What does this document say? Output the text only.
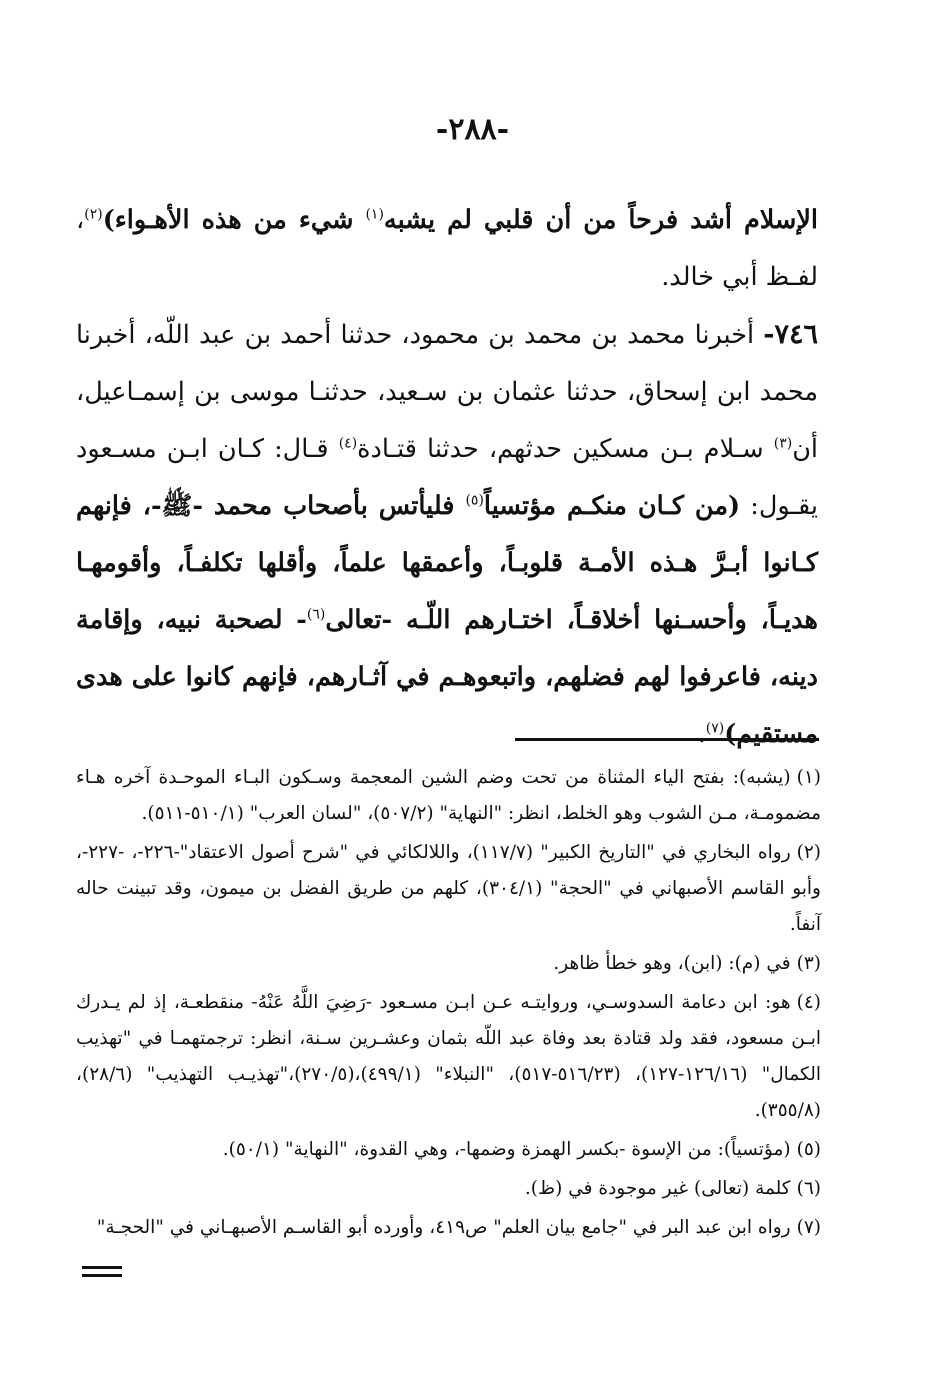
-٢٨٨-

الإسلام أشد فرحاً من أن قلبي لم يشبه$^{(١)}$ شيء من هذه الأهـواء)$^{(٢)}$، لفـظ أبي خالد.

٧٤٦- أخبرنا محمد بن محمد بن محمود، حدثنا أحمد بن عبد اللّه، أخبرنا محمد ابن إسحاق، حدثنا عثمان بن سـعيد، حدثنـا موسى بن إسمـاعيل، أن$^{(٣)}$ سـلام بـن مسكين حدثهم، حدثنا قتـادة$^{(٤)}$ قـال: كـان ابـن مسـعود يقـول: (من كـان منكـم مؤتسياً$^{(٥)}$ فليأتس بأصحاب محمد -ﷺ-، فإنهم كـانوا أبـرَّ هـذه الأمـة قلوبـاً، وأعمقها علماً، وأقلها تكلفـاً، وأقومهـا هديـاً، وأحسـنها أخلاقـاً، اختـارهم اللّـه -تعالى$^{(٦)}$- لصحبة نبيه، وإقامة دينه، فاعرفوا لهم فضلهم، واتبعوهـم في آثـارهم، فإنهم كانوا على هدى مستقيم)$^{(٧)}$.

(١)(يشبه): بفتح الياء المثناة من تحت وضم الشين المعجمة وسـكون البـاء الموحـدة آخره هـاء مضمومـة، مـن الشوب وهو الخلط، انظر: "النهاية" (٥٠٧/٢)، "لسان العرب" (٥١٠/١-٥١١).

(٢)رواه البخاري في "التاريخ الكبير" (١١٧/٧)، واللالكائي في "شرح أصول الاعتقاد"-٢٢٦-، -٢٢٧-، وأبو القاسم الأصبهاني في "الحجة" (٣٠٤/١)، كلهم من طريق الفضل بن ميمون، وقد تبينت حاله آنفاً.

(٣)في (م): (ابن)، وهو خطأ ظاهر.

(٤)هو: ابن دعامة السدوسـي، وروايتـه عـن ابـن مسـعود -رَضِيَ اللَّهُ عَنْهُ- منقطعـة، إذ لم يـدرك ابـن مسعود، فقد ولد قتادة بعد وفاة عبد اللّه بثمان وعشـرين سـنة، انظر: ترجمتهمـا في "تهذيب الكمال" (١٢٦/١٦-١٢٧)، (٥١٦/٢٣-٥١٧)، "النبلاء" (٤٩٩/١)،(٢٧٠/٥)،"تهذيـب التهذيب" (٢٨/٦)، (٣٥٥/٨).

(٥)(مؤتسياً): من الإسوة -بكسر الهمزة وضمها-، وهي القدوة، "النهاية" (٥٠/١).

(٦)كلمة (تعالى) غير موجودة في (ظ).

(٧)رواه ابن عبد البر في "جامع بيان العلم" ص٤١٩، وأورده أبو القاسـم الأصبهـاني في "الحجـة"
